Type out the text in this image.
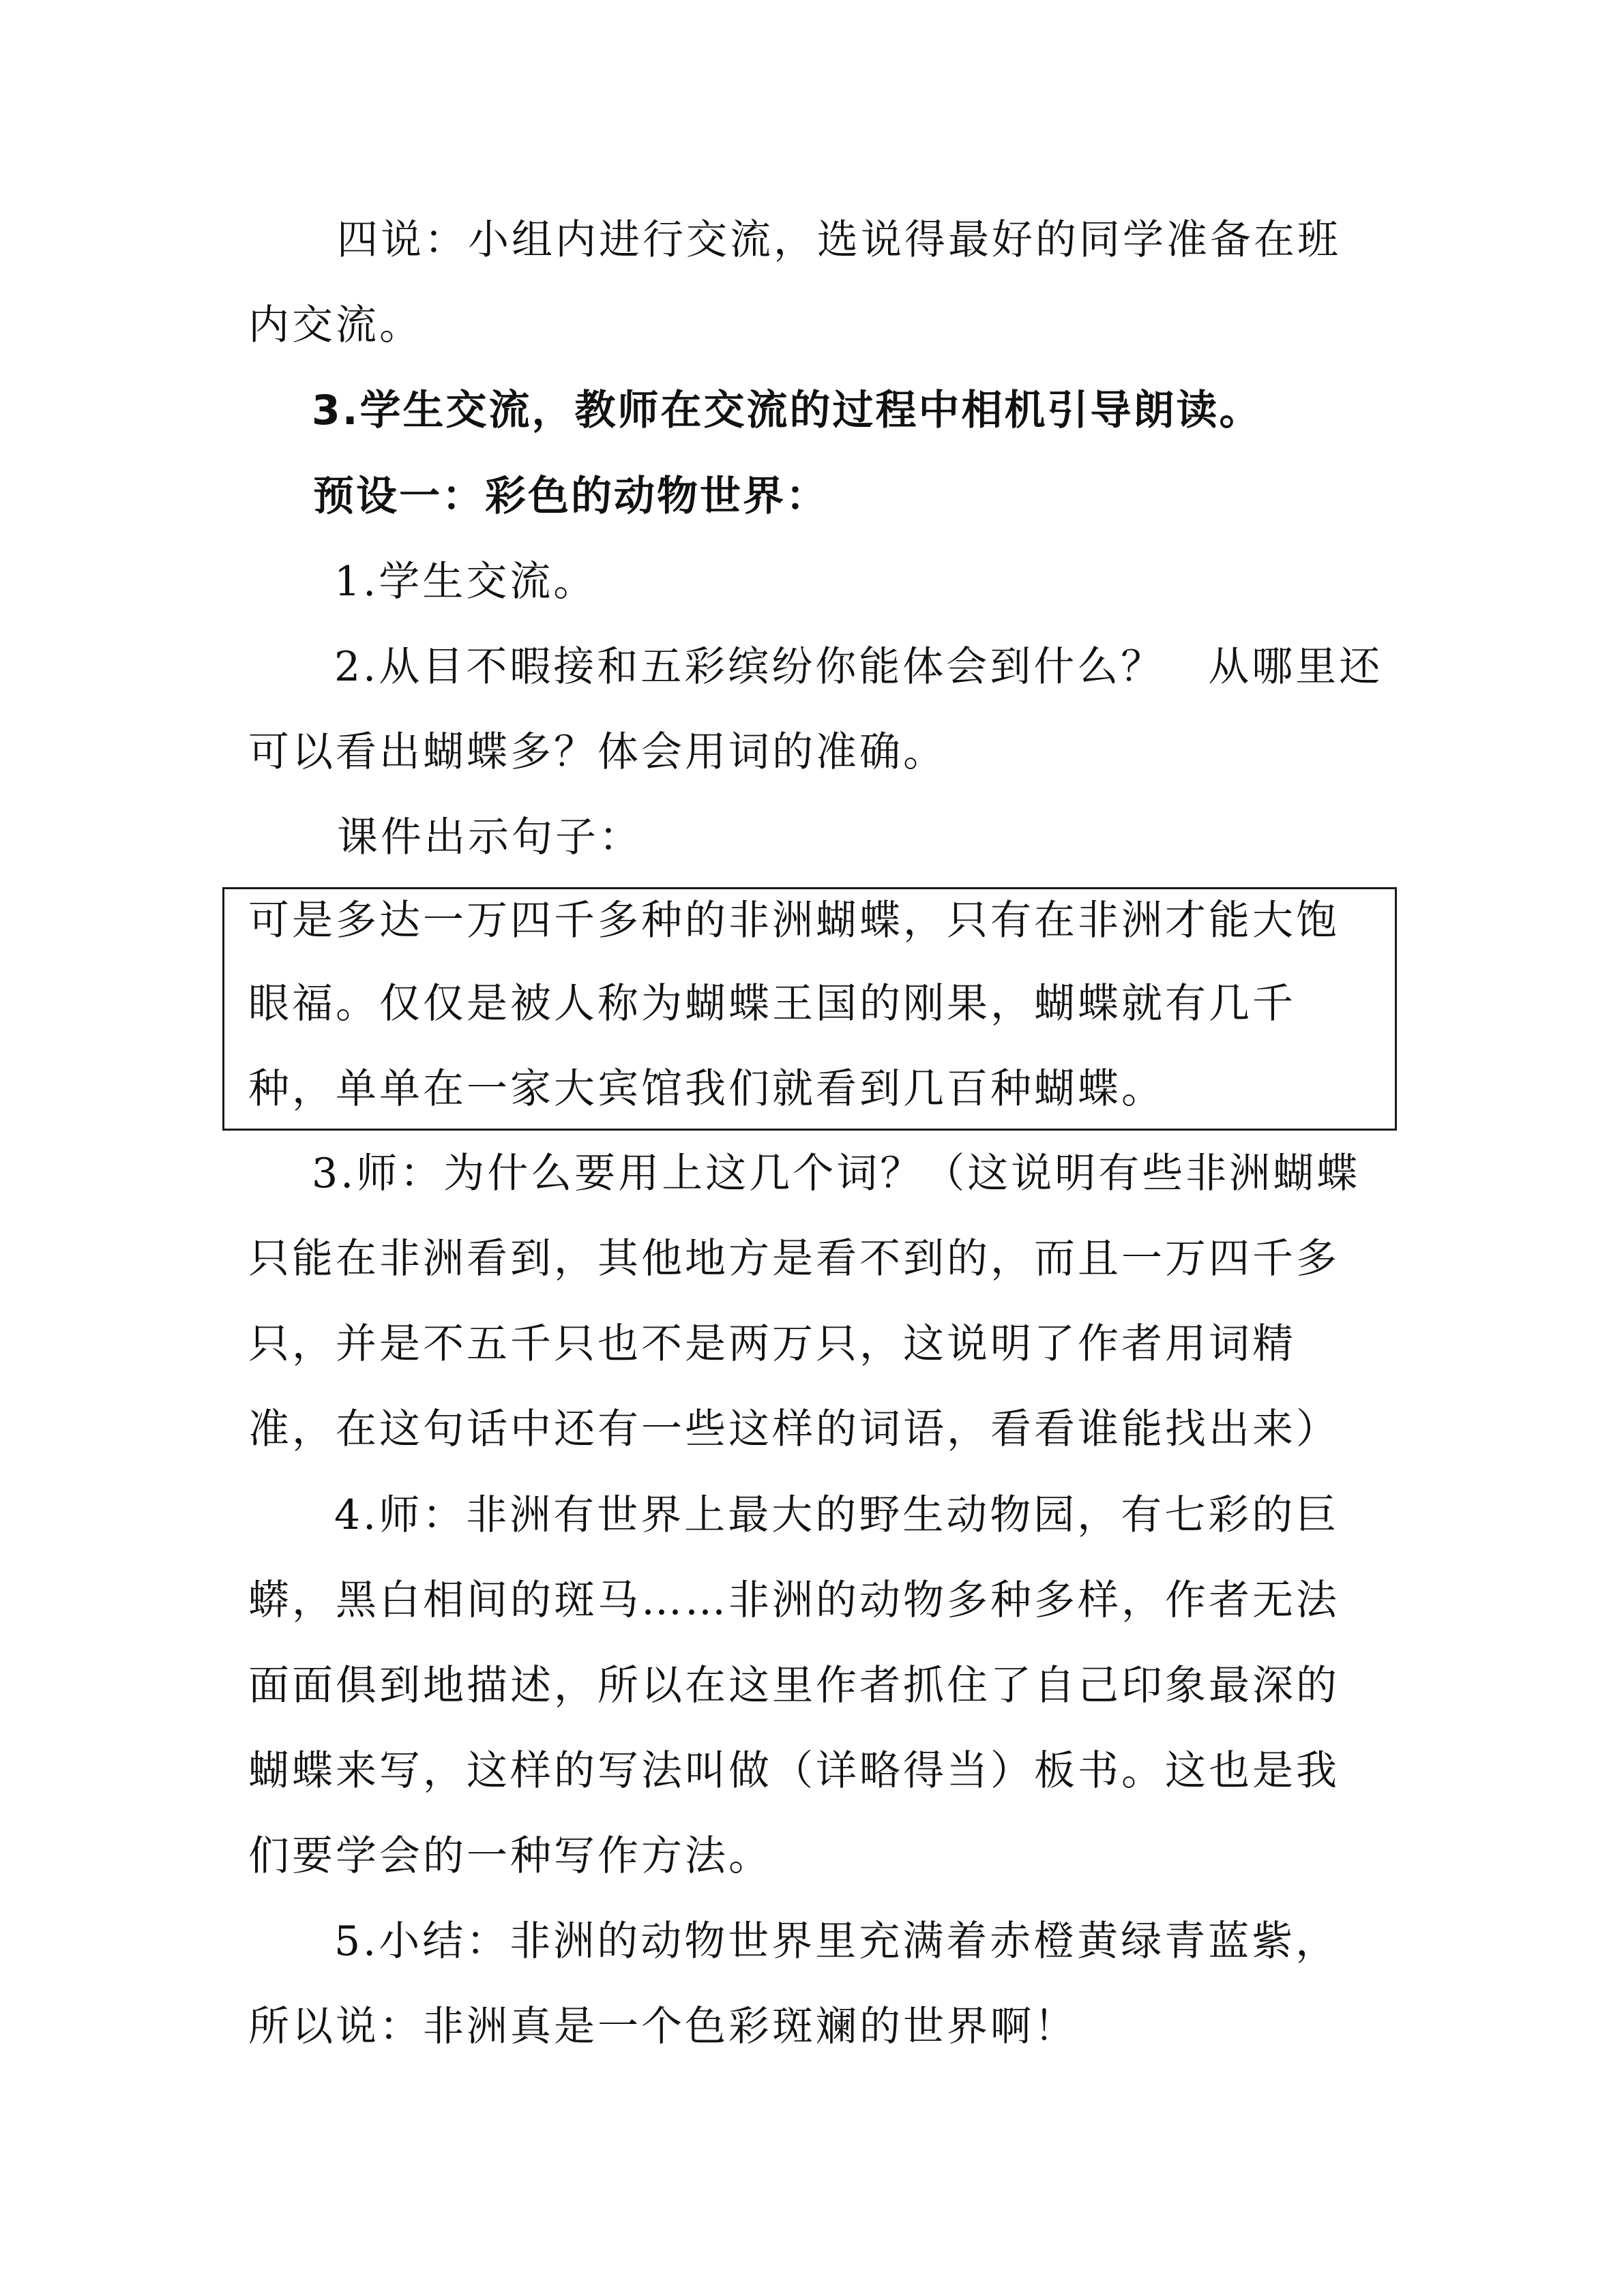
四说：小组内进行交流，选说得最好的同学准备在班
内交流。
3.学生交流，教师在交流的过程中相机引导朗读。
预设一：彩色的动物世界：
1.学生交流。
2.从目不暇接和五彩缤纷你能体会到什么？　从哪里还
可以看出蝴蝶多？体会用词的准确。
课件出示句子：
可是多达一万四千多种的非洲蝴蝶，只有在非洲才能大饱
眼福。仅仅是被人称为蝴蝶王国的刚果，蝴蝶就有几千
种，单单在一家大宾馆我们就看到几百种蝴蝶。
3.师：为什么要用上这几个词？（这说明有些非洲蝴蝶
只能在非洲看到，其他地方是看不到的，而且一万四千多
只，并是不五千只也不是两万只，这说明了作者用词精
准，在这句话中还有一些这样的词语，看看谁能找出来）
4.师：非洲有世界上最大的野生动物园，有七彩的巨
蟒，黑白相间的斑马……非洲的动物多种多样，作者无法
面面俱到地描述，所以在这里作者抓住了自己印象最深的
蝴蝶来写，这样的写法叫做（详略得当）板书。这也是我
们要学会的一种写作方法。
5.小结：非洲的动物世界里充满着赤橙黄绿青蓝紫，
所以说：非洲真是一个色彩斑斓的世界啊！
